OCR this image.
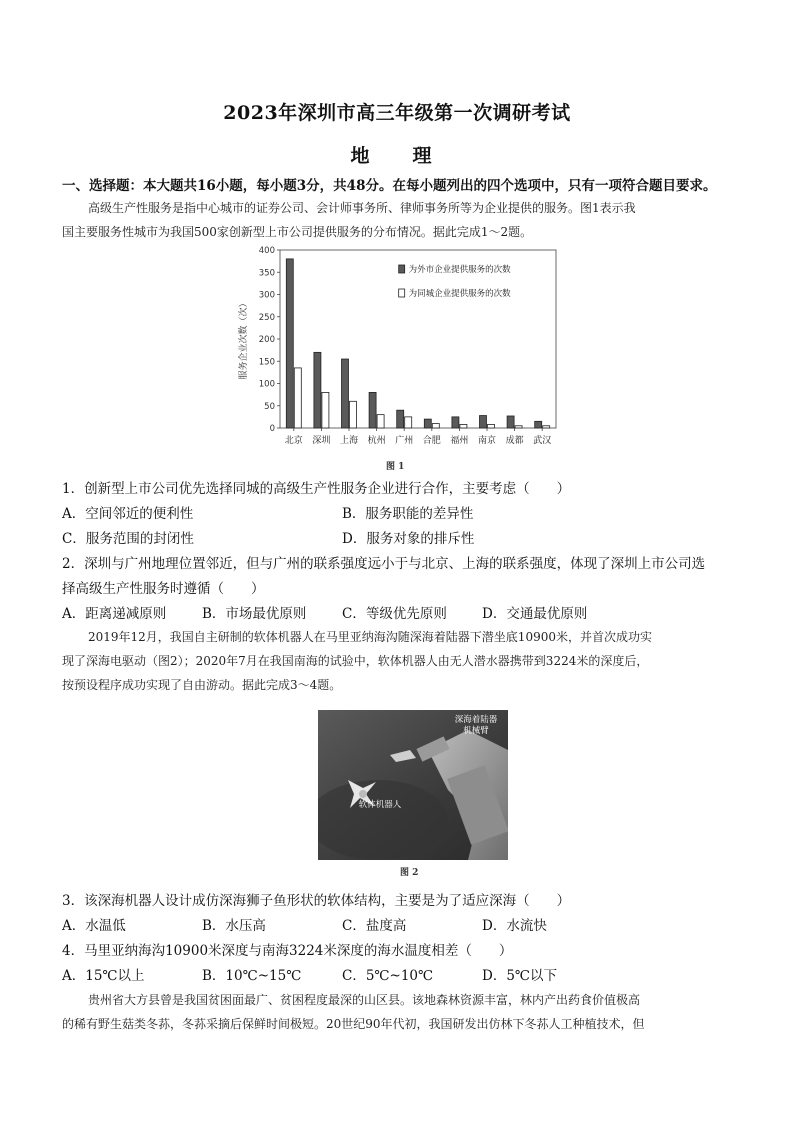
2023年深圳市高三年级第一次调研考试
地　理
一、选择题：本大题共16小题，每小题3分，共48分。在每小题列出的四个选项中，只有一项符合题目要求。
高级生产性服务是指中心城市的证券公司、会计师事务所、律师事务所等为企业提供的服务。图1表示我
国主要服务性城市为我国500家创新型上市公司提供服务的分布情况。据此完成1～2题。
0
50
100
150
200
250
300
350
400
服务企业次数（次）
北京 深圳 上海 杭州 广州 合肥 福州 南京 成都 武汉
为外市企业提供服务的次数
为同城企业提供服务的次数
图 1
1．创新型上市公司优先选择同城的高级生产性服务企业进行合作，主要考虑（　　）
A．空间邻近的便利性	B．服务职能的差异性
C．服务范围的封闭性	D．服务对象的排斥性
2．深圳与广州地理位置邻近，但与广州的联系强度远小于与北京、上海的联系强度，体现了深圳上市公司选
择高级生产性服务时遵循（　　）
A．距离递减原则	B．市场最优原则	C．等级优先原则	D．交通最优原则
2019年12月，我国自主研制的软体机器人在马里亚纳海沟随深海着陆器下潜坐底10900米，并首次成功实
现了深海电驱动（图2）；2020年7月在我国南海的试验中，软体机器人由无人潜水器携带到3224米的深度后，
按预设程序成功实现了自由游动。据此完成3～4题。
深海着陆器
机械臂
软体机器人
图 2
3．该深海机器人设计成仿深海狮子鱼形状的软体结构，主要是为了适应深海（　　）
A．水温低	B．水压高	C．盐度高	D．水流快
4．马里亚纳海沟10900米深度与南海3224米深度的海水温度相差（　　）
A．15℃以上	B．10℃~15℃	C．5℃~10℃	D．5℃以下
贵州省大方县曾是我国贫困面最广、贫困程度最深的山区县。该地森林资源丰富，林内产出药食价值极高
的稀有野生菇类冬荪，冬荪采摘后保鲜时间极短。20世纪90年代初，我国研发出仿林下冬荪人工种植技术，但
